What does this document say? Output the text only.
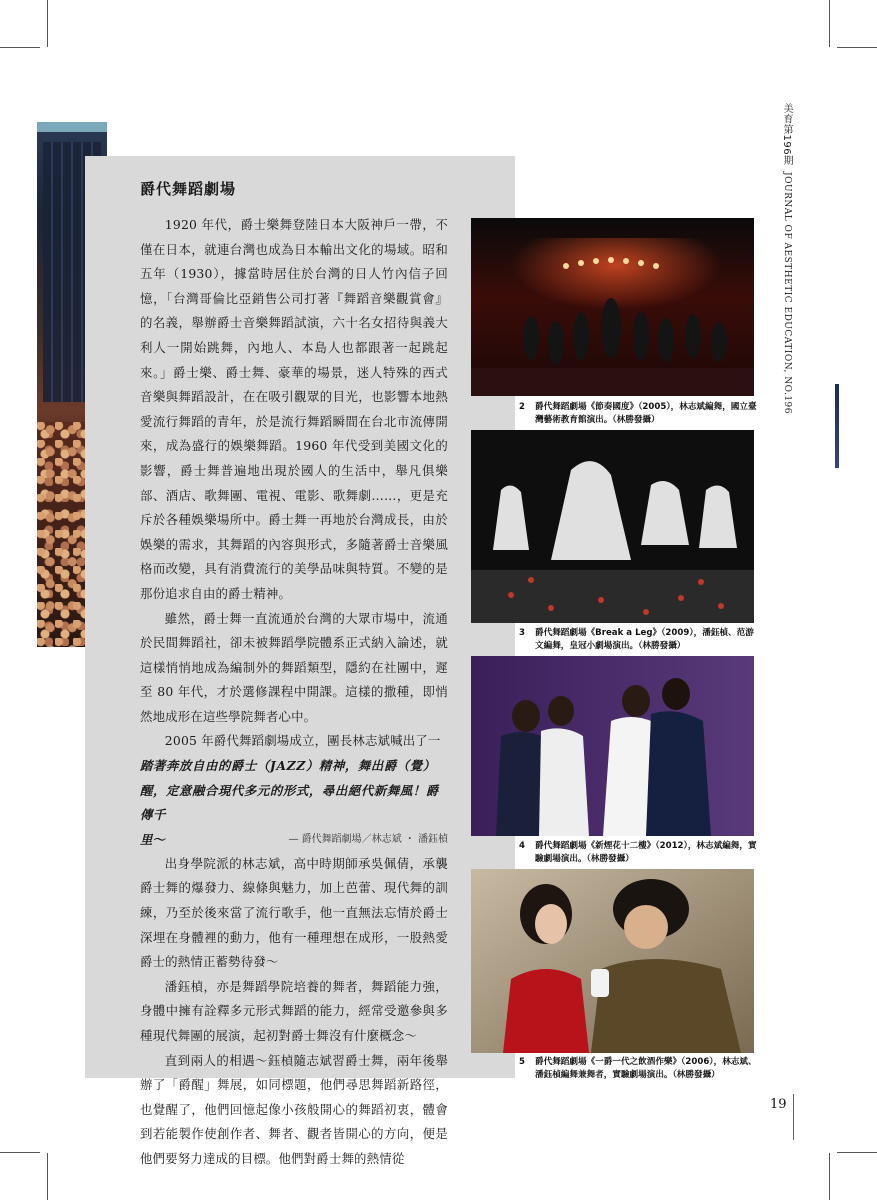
爵代舞蹈劇場

1920 年代，爵士樂舞登陸日本大阪神戶一帶，不僅在日本，就連台灣也成為日本輸出文化的場域。昭和五年（1930），據當時居住於台灣的日人竹內信子回憶，「台灣哥倫比亞銷售公司打著『舞蹈音樂觀賞會』的名義，舉辦爵士音樂舞蹈試演，六十名女招待與義大利人一開始跳舞，內地人、本島人也都跟著一起跳起來。」爵士樂、爵士舞、豪華的場景，迷人特殊的西式音樂與舞蹈設計，在在吸引觀眾的目光，也影響本地熱愛流行舞蹈的青年，於是流行舞蹈瞬間在台北市流傳開來，成為盛行的娛樂舞蹈。1960 年代受到美國文化的影響，爵士舞普遍地出現於國人的生活中，舉凡俱樂部、酒店、歌舞團、電視、電影、歌舞劇……，更是充斥於各種娛樂場所中。爵士舞一再地於台灣成長，由於娛樂的需求，其舞蹈的內容與形式，多隨著爵士音樂風格而改變，具有消費流行的美學品味與特質。不變的是那份追求自由的爵士精神。

雖然，爵士舞一直流通於台灣的大眾市場中，流通於民間舞蹈社，卻未被舞蹈學院體系正式納入論述，就這樣悄悄地成為編制外的舞蹈類型，隱約在社團中，遲至 80 年代，才於選修課程中開課。這樣的撒種，即悄然地成形在這些學院舞者心中。

2005 年爵代舞蹈劇場成立，團長林志斌喊出了一

踏著奔放自由的爵士（JAZZ）精神，舞出爵（覺）醒，定意融合現代多元的形式，尋出絕代新舞風！爵傳千

里〜	— 爵代舞蹈劇場／林志斌 ・ 潘鈺楨

出身學院派的林志斌，高中時期師承吳佩倩，承襲爵士舞的爆發力、線條與魅力，加上芭蕾、現代舞的訓練，乃至於後來當了流行歌手，他一直無法忘情於爵士深埋在身體裡的動力，他有一種理想在成形，一股熱愛爵士的熱情正蓄勢待發〜

潘鈺楨，亦是舞蹈學院培養的舞者，舞蹈能力強，身體中擁有詮釋多元形式舞蹈的能力，經常受邀參與多種現代舞團的展演，起初對爵士舞沒有什麼概念〜

直到兩人的相遇〜鈺楨隨志斌習爵士舞，兩年後舉辦了「爵醒」舞展，如同標題，他們尋思舞蹈新路徑，也覺醒了，他們回憶起像小孩般開心的舞蹈初衷，體會到若能製作使創作者、舞者、觀者皆開心的方向，便是他們要努力達成的目標。他們對爵士舞的熱情從

2 爵代舞蹈劇場《節奏國度》（2005），林志斌編舞，國立臺灣藝術教育館演出。（林勝發攝）
3 爵代舞蹈劇場《Break a Leg》（2009），潘鈺楨、范游文編舞，皇冠小劇場演出。（林勝發攝）
4 爵代舞蹈劇場《新煙花十二樓》（2012），林志斌編舞，實驗劇場演出。（林勝發攝）
5 爵代舞蹈劇場《一爵一代之飲酒作樂》（2006），林志斌、潘鈺楨編舞兼舞者，實驗劇場演出。（林勝發攝）
美育第196期
JOURNAL OF AESTHETIC EDUCATION, NO.196
19
